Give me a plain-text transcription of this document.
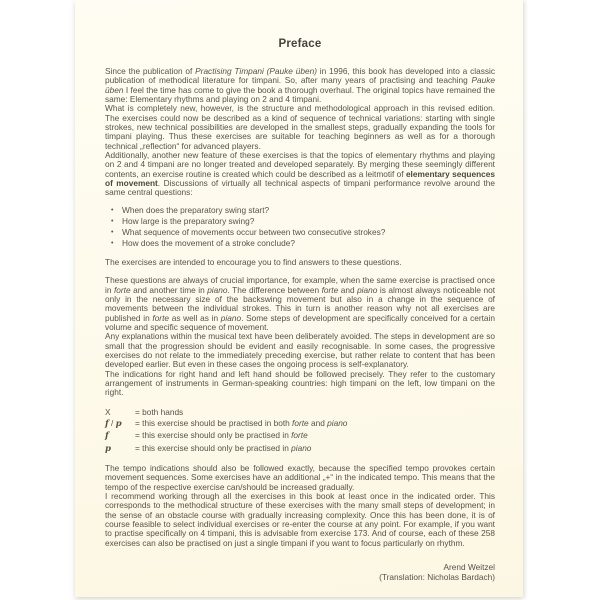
Preface

Since the publication of Practising Timpani (Pauke üben) in 1996, this book has developed into a classic publication of methodical literature for timpani. So, after many years of practising and teaching Pauke üben I feel the time has come to give the book a thorough overhaul. The original topics have remained the same: Elementary rhythms and playing on 2 and 4 timpani.

What is completely new, however, is the structure and methodological approach in this revised edition. The exercises could now be described as a kind of sequence of technical variations: starting with single strokes, new technical possibilities are developed in the smallest steps, gradually expanding the tools for timpani playing. Thus these exercises are suitable for teaching beginners as well as for a thorough technical „reflection“ for advanced players.

Additionally, another new feature of these exercises is that the topics of elementary rhythms and playing on 2 and 4 timpani are no longer treated and developed separately. By merging these seemingly different contents, an exercise routine is created which could be described as a leitmotif of elementary sequences of movement. Discussions of virtually all technical aspects of timpani performance revolve around the same central questions:

•	When does the preparatory swing start?
•	How large is the preparatory swing?
•	What sequence of movements occur between two consecutive strokes?
•	How does the movement of a stroke conclude?

The exercises are intended to encourage you to find answers to these questions.

These questions are always of crucial importance, for example, when the same exercise is practised once in forte and another time in piano. The difference between forte and piano is almost always noticeable not only in the necessary size of the backswing movement but also in a change in the sequence of movements between the individual strokes. This in turn is another reason why not all exercises are published in forte as well as in piano. Some steps of development are specifically conceived for a certain volume and specific sequence of movement.

Any explanations within the musical text have been deliberately avoided. The steps in development are so small that the progression should be evident and easily recognisable. In some cases, the progressive exercises do not relate to the immediately preceding exercise, but rather relate to content that has been developed earlier. But even in these cases the ongoing process is self-explanatory.

The indications for right hand and left hand should be followed precisely. They refer to the customary arrangement of instruments in German-speaking countries: high timpani on the left, low timpani on the right.

X	= both hands
f / p	= this exercise should be practised in both forte and piano
f	= this exercise should only be practised in forte
p	= this exercise should only be practised in piano

The tempo indications should also be followed exactly, because the specified tempo provokes certain movement sequences. Some exercises have an additional „+“ in the indicated tempo. This means that the tempo of the respective exercise can/should be increased gradually.

I recommend working through all the exercises in this book at least once in the indicated order. This corresponds to the methodical structure of these exercises with the many small steps of development; in the sense of an obstacle course with gradually increasing complexity. Once this has been done, it is of course feasible to select individual exercises or re-enter the course at any point. For example, if you want to practise specifically on 4 timpani, this is advisable from exercise 173. And of course, each of these 258 exercises can also be practised on just a single timpani if you want to focus particularly on rhythm.

Arend Weitzel
(Translation: Nicholas Bardach)
